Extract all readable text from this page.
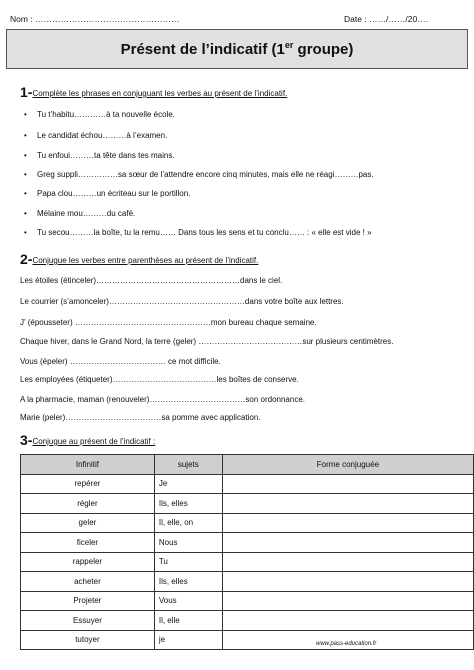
Nom : ……………………………………………	Date : ……/……/20….
Présent de l’indicatif (1er groupe)
1-Complète les phrases en conjuguant les verbes au présent de l’indicatif.
• Tu t’habitu…………à ta nouvelle école.
• Le candidat échou………à l’examen.
• Tu enfoui………ta tête dans tes mains.
• Greg suppli……………sa sœur de l’attendre encore cinq minutes, mais elle ne réagi………pas.
• Papa clou………un écriteau sur le portillon.
• Mélaine mou………du café.
• Tu secou………la boîte, tu la remu…… Dans tous les sens et tu conclu…… : « elle est vide ! »
2-Conjugue les verbes entre parenthèses au présent de l’indicatif.
Les étoiles (étinceler)………………………………………………dans le ciel.
Le courrier (s’amonceler)……………………………………………dans votre boîte aux lettres.
J’ (épousseter) ……………………………………………mon bureau chaque semaine.
Chaque hiver, dans le Grand Nord, la terre (geler) …………………………………sur plusieurs centimètres.
Vous (épeler) ……………………………… ce mot difficile.
Les employées (étiqueter)…………………………………les boîtes de conserve.
A la pharmacie, maman (renouveler)………………………………son ordonnance.
Marie (peler)………………………………sa pomme avec application.
3-Conjugue au présent de l’indicatif :
Infinitif	sujets	Forme conjuguée
repérer	Je	
régler	Ils, elles	
geler	Il, elle, on	
ficeler	Nous	
rappeler	Tu	
acheter	Ils, elles	
Projeter	Vous	
Essuyer	Il, elle	
tutoyer	je		www.pass-education.fr
